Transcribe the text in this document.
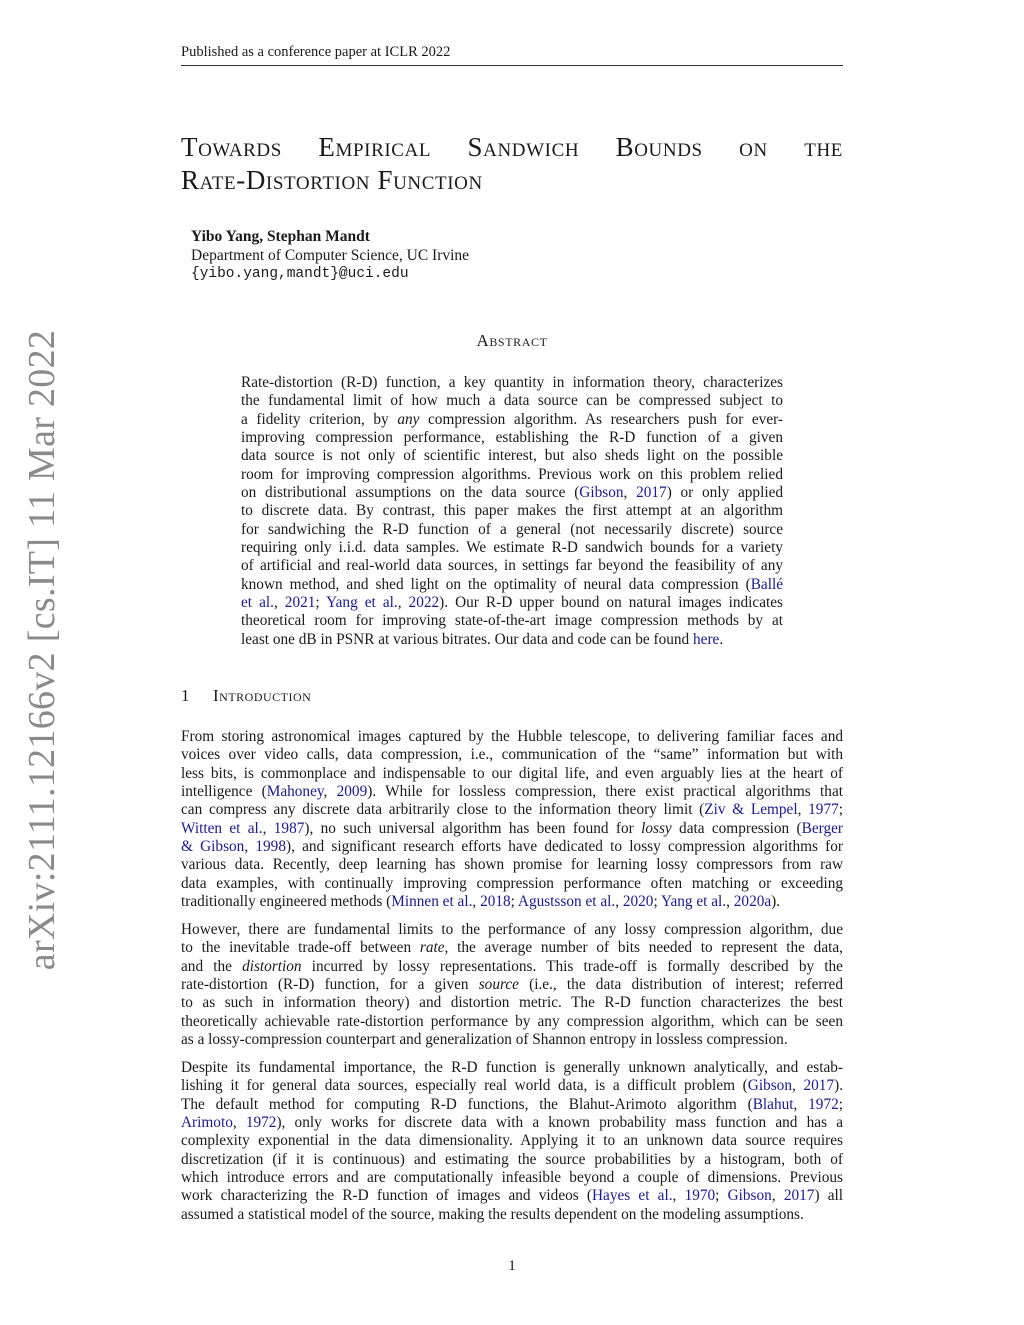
Published as a conference paper at ICLR 2022
Towards Empirical Sandwich Bounds on the
Rate-Distortion Function
Yibo Yang, Stephan Mandt
Department of Computer Science, UC Irvine
{yibo.yang,mandt}@uci.edu
arXiv:2111.12166v2 [cs.IT] 11 Mar 2022	Abstract
Rate-distortion (R-D) function, a key quantity in information theory, characterizes
the fundamental limit of how much a data source can be compressed subject to
a fidelity criterion, by any compression algorithm. As researchers push for ever-
improving compression performance, establishing the R-D function of a given
data source is not only of scientific interest, but also sheds light on the possible
room for improving compression algorithms. Previous work on this problem relied
on distributional assumptions on the data source (Gibson, 2017) or only applied
to discrete data. By contrast, this paper makes the first attempt at an algorithm
for sandwiching the R-D function of a general (not necessarily discrete) source
requiring only i.i.d. data samples. We estimate R-D sandwich bounds for a variety
of artificial and real-world data sources, in settings far beyond the feasibility of any
known method, and shed light on the optimality of neural data compression (Ballé
et al., 2021; Yang et al., 2022). Our R-D upper bound on natural images indicates
theoretical room for improving state-of-the-art image compression methods by at
least one dB in PSNR at various bitrates. Our data and code can be found here.
1 Introduction
From storing astronomical images captured by the Hubble telescope, to delivering familiar faces and
voices over video calls, data compression, i.e., communication of the “same” information but with
less bits, is commonplace and indispensable to our digital life, and even arguably lies at the heart of
intelligence (Mahoney, 2009). While for lossless compression, there exist practical algorithms that
can compress any discrete data arbitrarily close to the information theory limit (Ziv & Lempel, 1977;
Witten et al., 1987), no such universal algorithm has been found for lossy data compression (Berger
& Gibson, 1998), and significant research efforts have dedicated to lossy compression algorithms for
various data. Recently, deep learning has shown promise for learning lossy compressors from raw
data examples, with continually improving compression performance often matching or exceeding
traditionally engineered methods (Minnen et al., 2018; Agustsson et al., 2020; Yang et al., 2020a).
However, there are fundamental limits to the performance of any lossy compression algorithm, due
to the inevitable trade-off between rate, the average number of bits needed to represent the data,
and the distortion incurred by lossy representations. This trade-off is formally described by the
rate-distortion (R-D) function, for a given source (i.e., the data distribution of interest; referred
to as such in information theory) and distortion metric. The R-D function characterizes the best
theoretically achievable rate-distortion performance by any compression algorithm, which can be seen
as a lossy-compression counterpart and generalization of Shannon entropy in lossless compression.
Despite its fundamental importance, the R-D function is generally unknown analytically, and estab-
lishing it for general data sources, especially real world data, is a difficult problem (Gibson, 2017).
The default method for computing R-D functions, the Blahut-Arimoto algorithm (Blahut, 1972;
Arimoto, 1972), only works for discrete data with a known probability mass function and has a
complexity exponential in the data dimensionality. Applying it to an unknown data source requires
discretization (if it is continuous) and estimating the source probabilities by a histogram, both of
which introduce errors and are computationally infeasible beyond a couple of dimensions. Previous
work characterizing the R-D function of images and videos (Hayes et al., 1970; Gibson, 2017) all
assumed a statistical model of the source, making the results dependent on the modeling assumptions.
1
